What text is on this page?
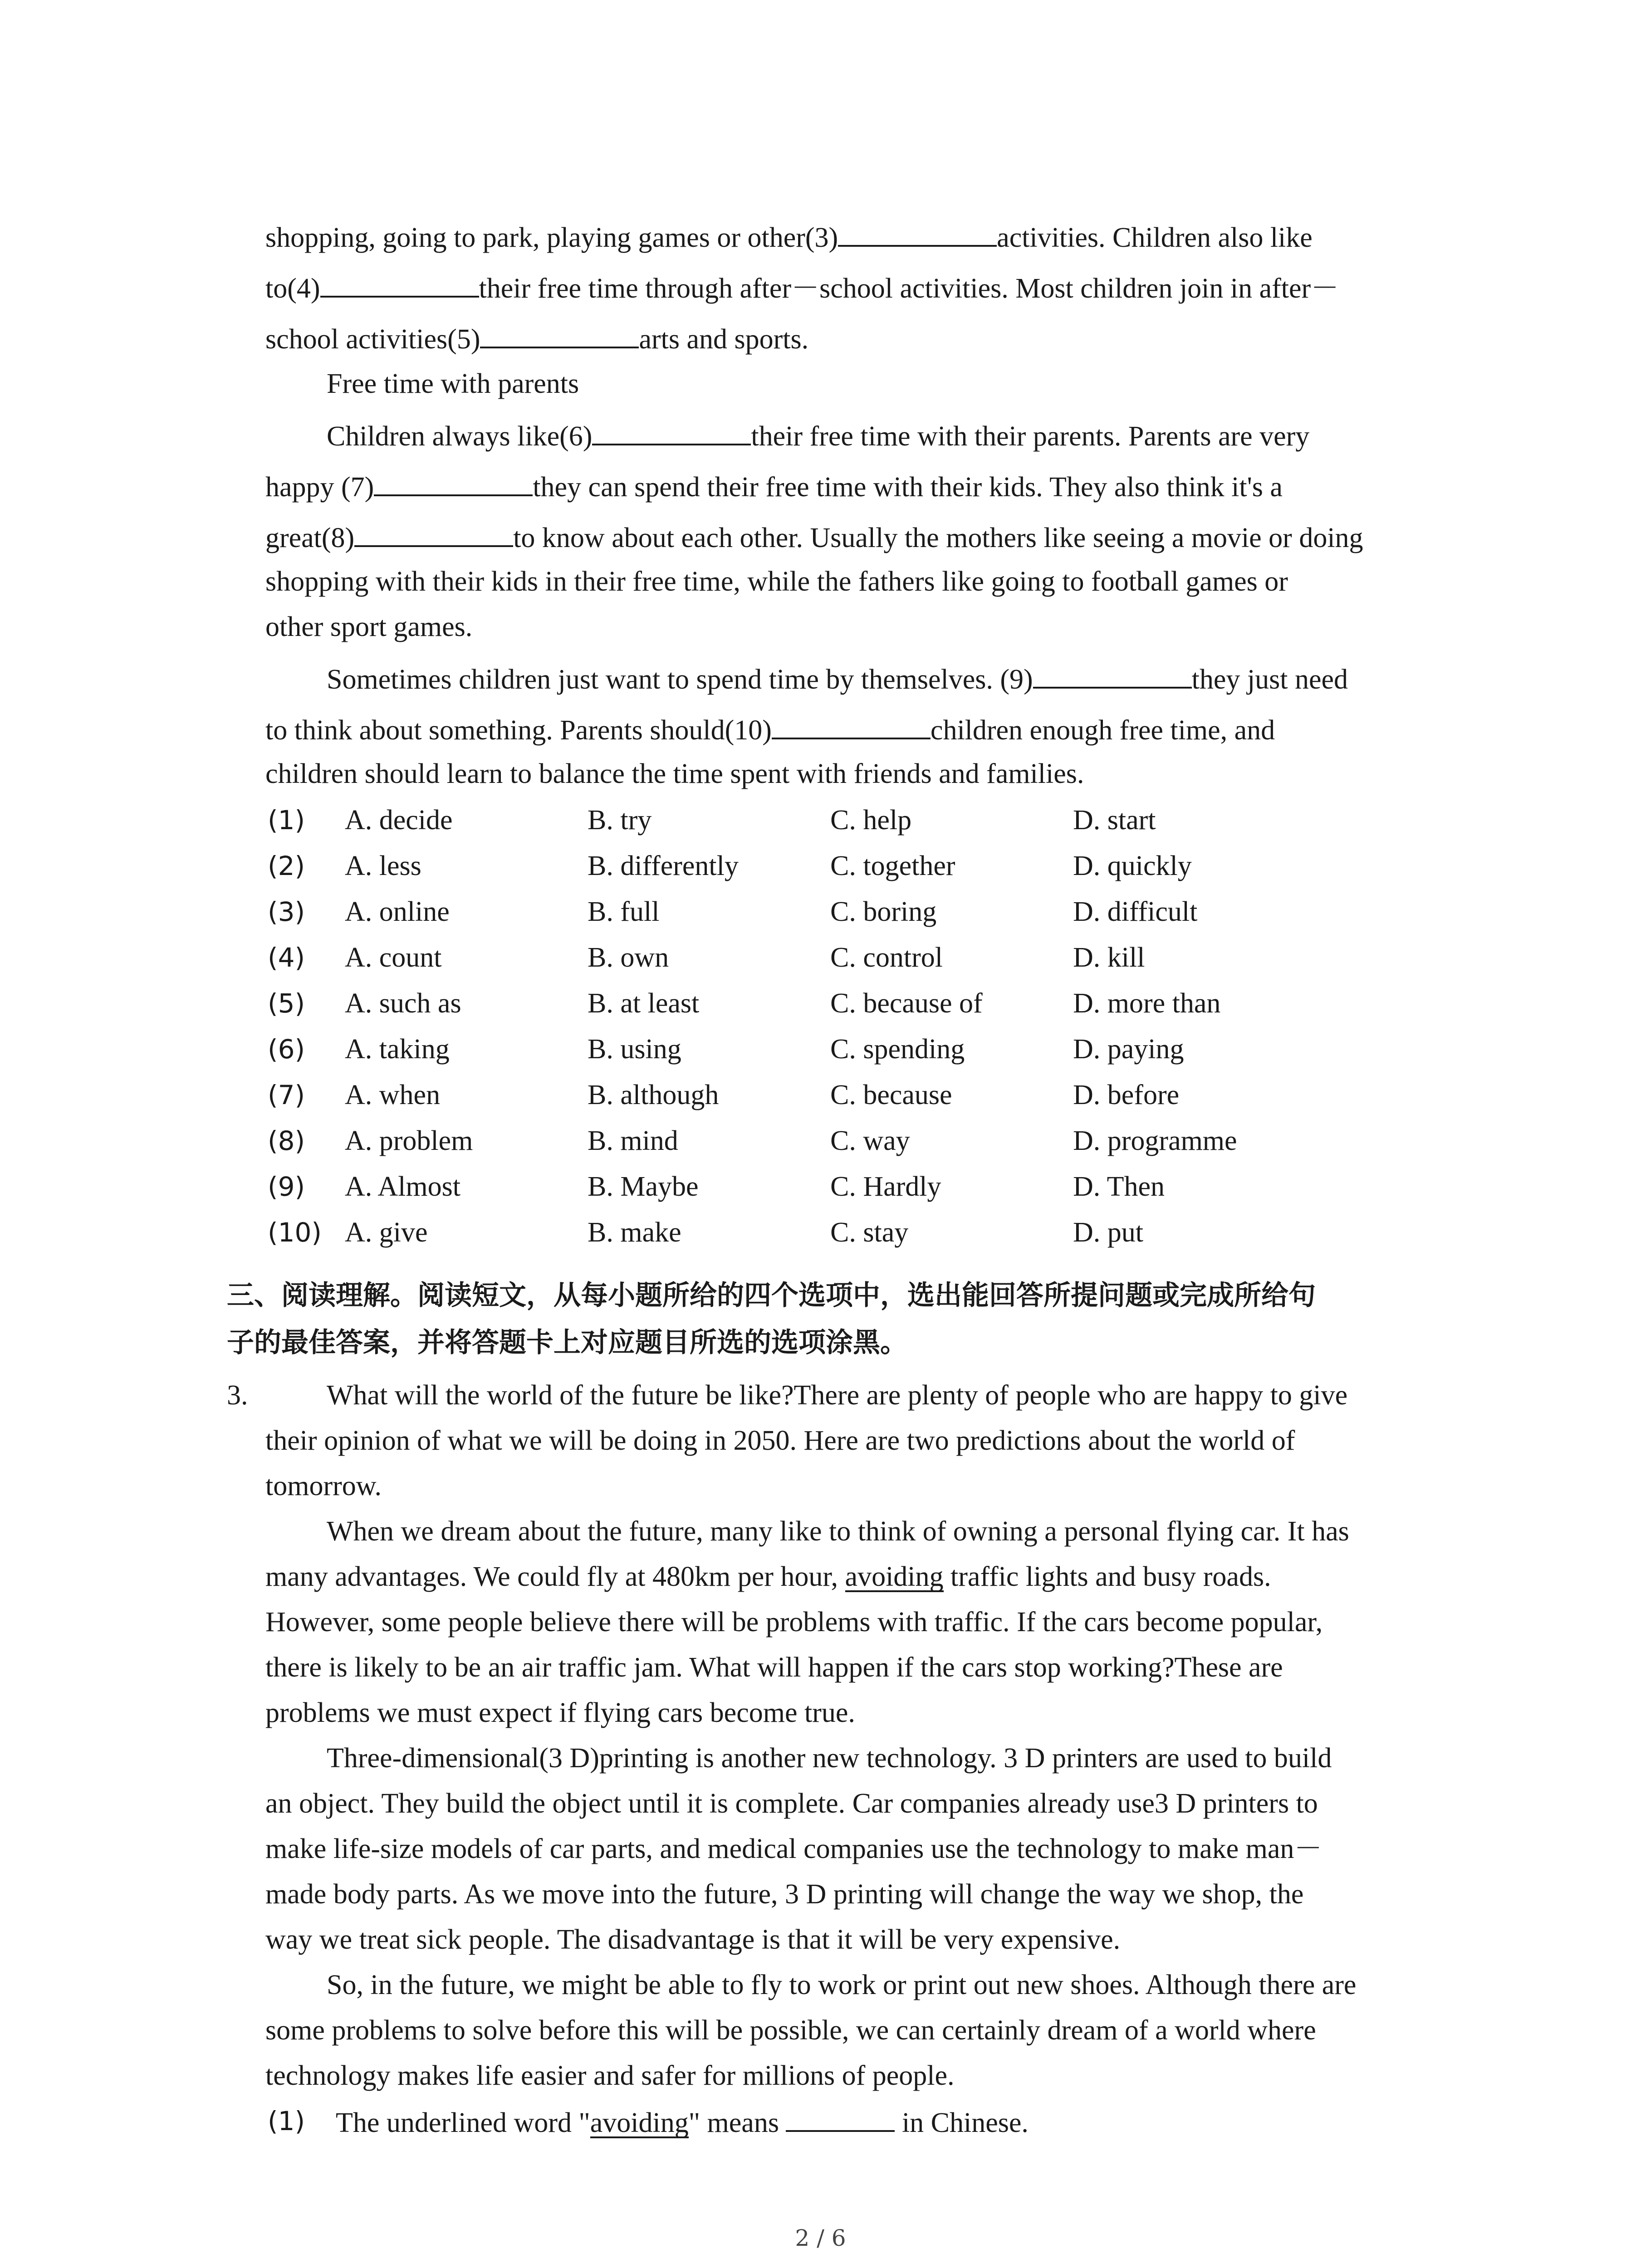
shopping, going to park, playing games or other(3)	activities. Children also like
to(4)	their free time through after－school activities. Most children join in after－
school activities(5)	arts and sports.
Free time with parents
Children always like(6)	their free time with their parents. Parents are very
happy (7)	they can spend their free time with their kids. They also think it's a
great(8)	to know about each other. Usually the mothers like seeing a movie or doing
shopping with their kids in their free time, while the fathers like going to football games or
other sport games.
Sometimes children just want to spend time by themselves. (9)	they just need
to think about something. Parents should(10)	children enough free time, and
children should learn to balance the time spent with friends and families.
(1) A. decide	B. try	C. help	D. start
(2) A. less	B. differently	C. together	D. quickly
(3) A. online	B. full	C. boring	D. difficult
(4) A. count	B. own	C. control	D. kill
(5) A. such as	B. at least	C. because of	D. more than
(6) A. taking	B. using	C. spending	D. paying
(7) A. when	B. although	C. because	D. before
(8) A. problem	B. mind	C. way	D. programme
(9) A. Almost	B. Maybe	C. Hardly	D. Then
(10) A. give	B. make	C. stay	D. put
三、阅读理解。阅读短文，从每小题所给的四个选项中，选出能回答所提问题或完成所给句
子的最佳答案，并将答题卡上对应题目所选的选项涂黑。
3.	What will the world of the future be like?There are plenty of people who are happy to give
their opinion of what we will be doing in 2050. Here are two predictions about the world of
tomorrow.
When we dream about the future, many like to think of owning a personal flying car. It has
many advantages. We could fly at 480km per hour, avoiding traffic lights and busy roads.
However, some people believe there will be problems with traffic. If the cars become popular,
there is likely to be an air traffic jam. What will happen if the cars stop working?These are
problems we must expect if flying cars become true.
Three-dimensional(3 D)printing is another new technology. 3 D printers are used to build
an object. They build the object until it is complete. Car companies already use3 D printers to
make life-size models of car parts, and medical companies use the technology to make man－
made body parts. As we move into the future, 3 D printing will change the way we shop, the
way we treat sick people. The disadvantage is that it will be very expensive.
So, in the future, we might be able to fly to work or print out new shoes. Although there are
some problems to solve before this will be possible, we can certainly dream of a world where
technology makes life easier and safer for millions of people.
(1) The underlined word "avoiding" means	in Chinese.
2 / 6
